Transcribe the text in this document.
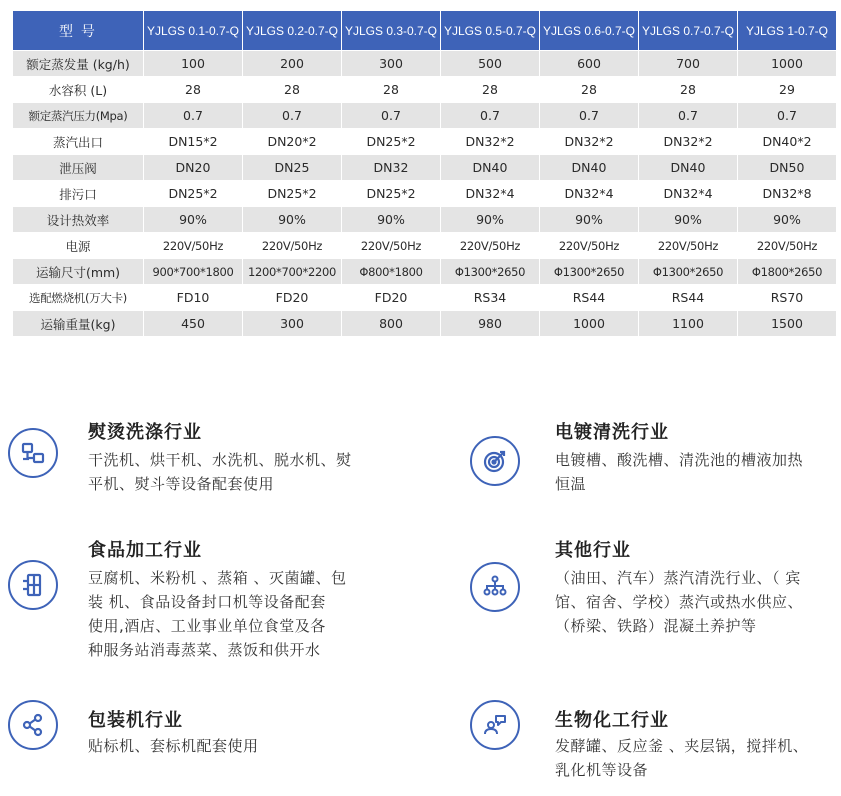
型 号	YJLGS 0.1-0.7-Q	YJLGS 0.2-0.7-Q	YJLGS 0.3-0.7-Q	YJLGS 0.5-0.7-Q	YJLGS 0.6-0.7-Q	YJLGS 0.7-0.7-Q	YJLGS 1-0.7-Q
额定蒸发量 (kg/h)	100	200	300	500	600	700	1000
水容积 (L)	28	28	28	28	28	28	29
额定蒸汽压力(Mpa)	0.7	0.7	0.7	0.7	0.7	0.7	0.7
蒸汽出口	DN15*2	DN20*2	DN25*2	DN32*2	DN32*2	DN32*2	DN40*2
泄压阀	DN20	DN25	DN32	DN40	DN40	DN40	DN50
排污口	DN25*2	DN25*2	DN25*2	DN32*4	DN32*4	DN32*4	DN32*8
设计热效率	90%	90%	90%	90%	90%	90%	90%
电源	220V/50Hz	220V/50Hz	220V/50Hz	220V/50Hz	220V/50Hz	220V/50Hz	220V/50Hz
运输尺寸(mm)	900*700*1800	1200*700*2200	Φ800*1800	Φ1300*2650	Φ1300*2650	Φ1300*2650	Φ1800*2650
选配燃烧机(万大卡)	FD10	FD20	FD20	RS34	RS44	RS44	RS70
运输重量(kg)	450	300	800	980	1000	1100	1500
熨烫洗涤行业
干洗机、烘干机、水洗机、脱水机、熨
平机、熨斗等设备配套使用
电镀清洗行业
电镀槽、酸洗槽、清洗池的槽液加热
恒温
食品加工行业
豆腐机、米粉机 、蒸箱 、灭菌罐、包
装 机、食品设备封口机等设备配套
使用,酒店、工业事业单位食堂及各
种服务站消毒蒸菜、蒸饭和供开水
其他行业
（油田、汽车）蒸汽清洗行业、（ 宾
馆、宿舍、学校）蒸汽或热水供应、
（桥梁、铁路）混凝土养护等
包装机行业
贴标机、套标机配套使用
生物化工行业
发酵罐、反应釜 、夹层锅，搅拌机、
乳化机等设备
